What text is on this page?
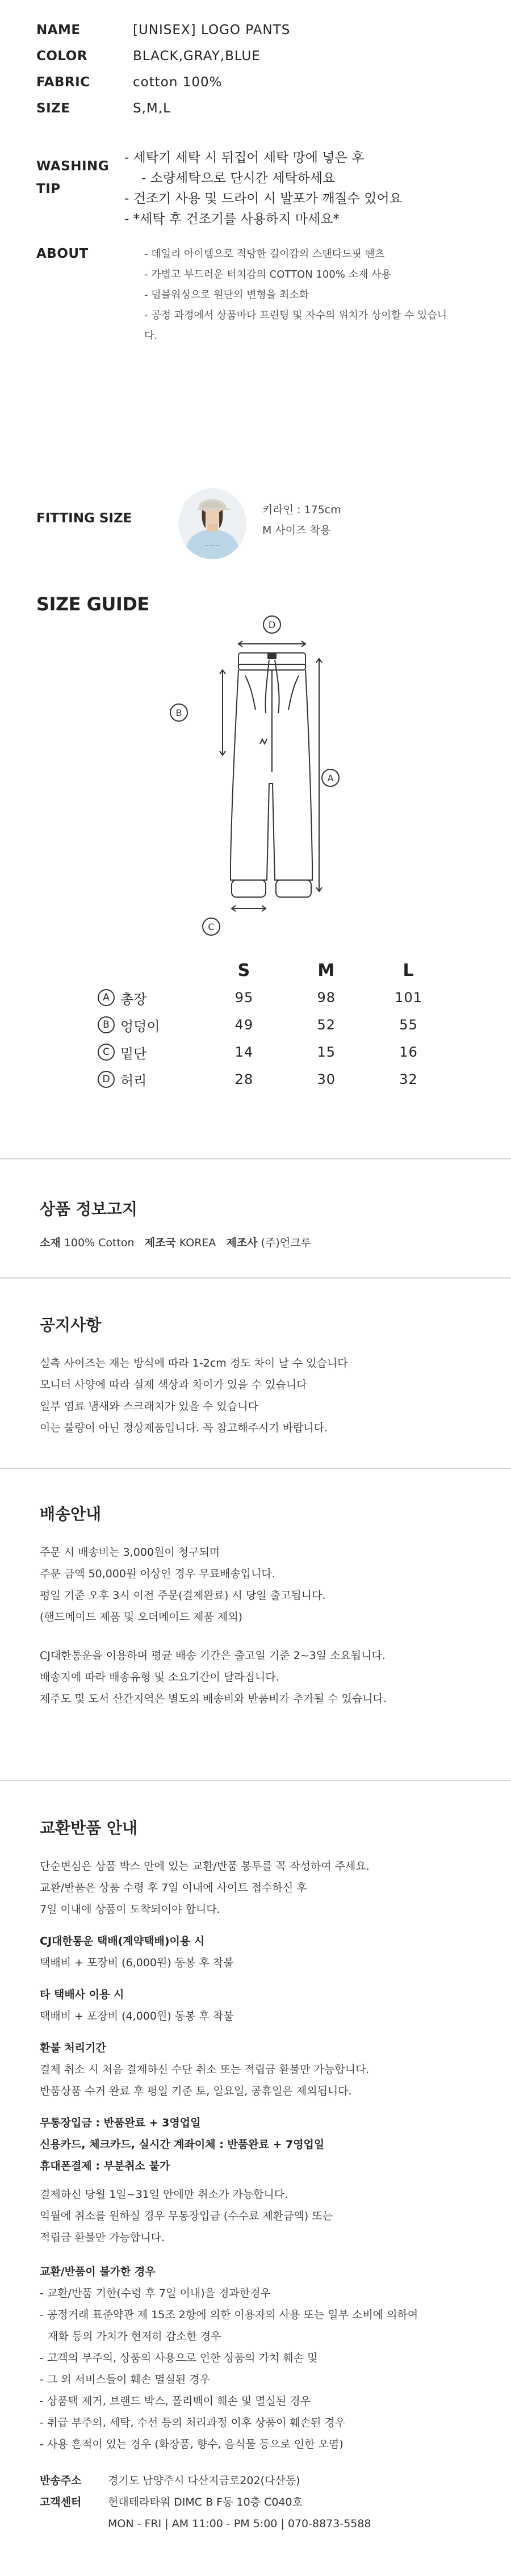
NAME	[UNISEX] LOGO PANTS
COLOR	BLACK,GRAY,BLUE
FABRIC	cotton 100%
SIZE	S,M,L
WASHING
TIP
- 세탁기 세탁 시 뒤집어 세탁 망에 넣은 후
- 소량세탁으로 단시간 세탁하세요
- 건조기 사용 및 드라이 시 발포가 깨질수 있어요
- *세탁 후 건조기를 사용하지 마세요*
ABOUT
-	데일리 아이템으로 적당한 길이감의 스탠다드핏 팬츠
- 가볍고 부드러운 터치감의 COTTON 100% 소재 사용
- 덤블워싱으로 원단의 변형을 최소화
- 공정 과정에서 상품마다 프린팅 및 자수의 위치가 상이할 수 있습니다.
FITTING SIZE
~~~
키라인 : 175cm
M 사이즈 착용
SIZE GUIDE
D
B
A
C
S	M	L
A 총장	95	98	101
B 엉덩이	49	52	55
C 밑단	14	15	16
D 허리	28	30	32
상품 정보고지

소재 100% Cotton 제조국 KOREA 제조사 (주)언크루

공지사항

실측 사이즈는 재는 방식에 따라 1-2cm 정도 차이 날 수 있습니다

모니터 사양에 따라 실제 색상과 차이가 있을 수 있습니다

일부 염료 냄새와 스크래치가 있을 수 있습니다

이는 불량이 아닌 정상제품입니다. 꼭 참고해주시기 바랍니다.

배송안내

주문 시 배송비는 3,000원이 청구되며

주문 금액 50,000원 이상인 경우 무료배송입니다.

평일 기준 오후 3시 이전 주문(결제완료) 시 당일 출고됩니다.

(핸드메이드 제품 및 오더메이드 제품 제외)

CJ대한통운을 이용하며 평균 배송 기간은 출고일 기준 2~3일 소요됩니다.

배송지에 따라 배송유형 및 소요기간이 달라집니다.

제주도 및 도서 산간지역은 별도의 배송비와 반품비가 추가될 수 있습니다.

교환반품 안내

단순변심은 상품 박스 안에 있는 교환/반품 봉투를 꼭 작성하여 주세요.

교환/반품은 상품 수령 후 7일 이내에 사이트 접수하신 후

7일 이내에 상품이 도착되어야 합니다.

CJ대한통운 택배(계약택배)이용 시

택배비 + 포장비 (6,000원) 동봉 후 착불

타 택배사 이용 시

택배비 + 포장비 (4,000원) 동봉 후 착불

환불 처리기간

결제 취소 시 처음 결제하신 수단 취소 또는 적립금 환불만 가능합니다.

반품상품 수거 완료 후 평일 기준 토, 일요일, 공휴일은 제외됩니다.

무통장입금 : 반품완료 + 3영업일

신용카드, 체크카드, 실시간 계좌이체 : 반품완료 + 7영업일

휴대폰결제 : 부분취소 불가

결제하신 당월 1일~31일 안에만 취소가 가능합니다.

익월에 취소를 원하실 경우 무통장입금 (수수료 제환금액) 또는

적립금 환불만 가능합니다.

교환/반품이 불가한 경우

- 교환/반품 기한(수령 후 7일 이내)을 경과한경우

- 공정거래 표준약관 제 15조 2항에 의한 이용자의 사용 또는 일부 소비에 의하여

재화 등의 가치가 현저히 감소한 경우

- 고객의 부주의, 상품의 사용으로 인한 상품의 가치 훼손 및

- 그 외 서비스들이 훼손 멸실된 경우

- 상품택 제거, 브랜드 박스, 폴리백이 훼손 및 멸실된 경우

- 취급 부주의, 세탁, 수선 등의 처리과정 이후 상품이 훼손된 경우

- 사용 흔적이 있는 경우 (화장품, 향수, 음식물 등으로 인한 오염)

반송주소	경기도 남양주시 다산지금로202(다산동)
고객센터	현대테라타워 DIMC B F동 10층 C040호

MON - FRI | AM 11:00 - PM 5:00 | 070-8873-5588
